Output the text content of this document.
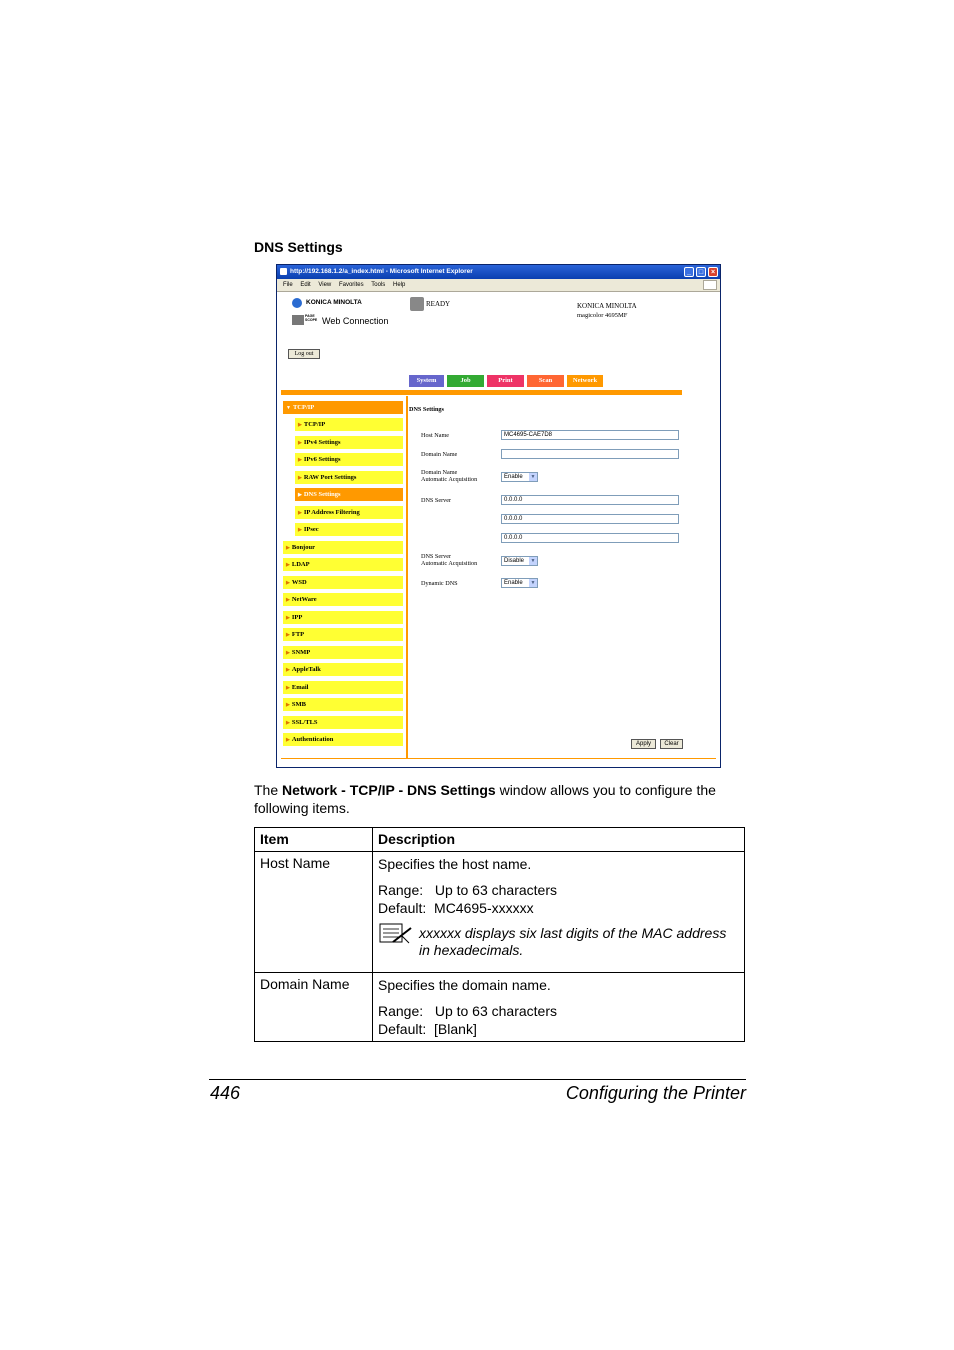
DNS Settings
http://192.168.1.2/a_index.html - Microsoft Internet Explorer	_	□	×
File Edit View Favorites Tools Help
KONICA MINOLTA
PAGE SCOPE Web Connection
READY	KONICA MINOLTA
magicolor 4695MF
Log out
System	Job	Print	Scan	Network
▼ TCP/IP
▶ TCP/IP
▶ IPv4 Settings
▶ IPv6 Settings
▶ RAW Port Settings
▶ DNS Settings
▶ IP Address Filtering
▶ IPsec
▶ Bonjour
▶ LDAP
▶ WSD
▶ NetWare
▶ IPP
▶ FTP
▶ SNMP
▶ AppleTalk
▶ Email
▶ SMB
▶ SSL/TLS
▶ Authentication
DNS Settings
Host Name	MC4695-CAE7D8
Domain Name
Domain Name
Automatic Acquisition	Enable	▼
DNS Server	0.0.0.0
0.0.0.0
0.0.0.0
DNS Server
Automatic Acquisition	Disable	▼
Dynamic DNS	Enable	▼
Apply	Clear
The Network - TCP/IP - DNS Settings window allows you to configure the following items.
Item	Description
Host Name	Specifies the host name.

Range: Up to 63 characters

Default: MC4695-xxxxxx

xxxxxx displays six last digits of the MAC address in hexadecimals.

Domain Name	Specifies the domain name.

Range: Up to 63 characters

Default: [Blank]

446	Configuring the Printer
